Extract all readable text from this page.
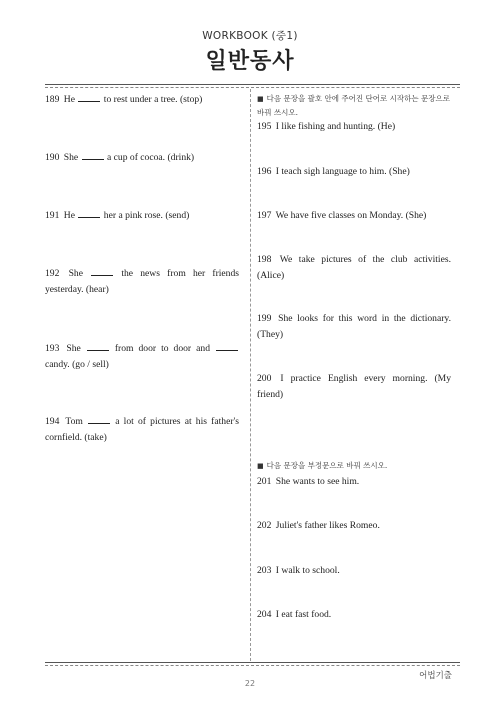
WORKBOOK (중1)
일반동사
189 He	to rest under a tree. (stop)
190 She	a cup of cocoa. (drink)
191 He	her a pink rose. (send)
192 She	the news from her friends yesterday. (hear)
193 She	from door to door and  candy. (go / sell)
194 Tom	a lot of pictures at his father's cornfield. (take)
■ 다음 문장을 괄호 안에 주어진 단어로 시작하는 문장으로 바꿔 쓰시오.
195 I like fishing and hunting. (He)
196 I teach sigh language to him. (She)
197 We have five classes on Monday. (She)
198 We take pictures of the club activities. (Alice)
199 She looks for this word in the dictionary. (They)
200 I practice English every morning. (My friend)
■ 다음 문장을 부정문으로 바꿔 쓰시오.
201 She wants to see him.
202 Juliet's father likes Romeo.
203 I walk to school.
204 I eat fast food.
어법기출
22
